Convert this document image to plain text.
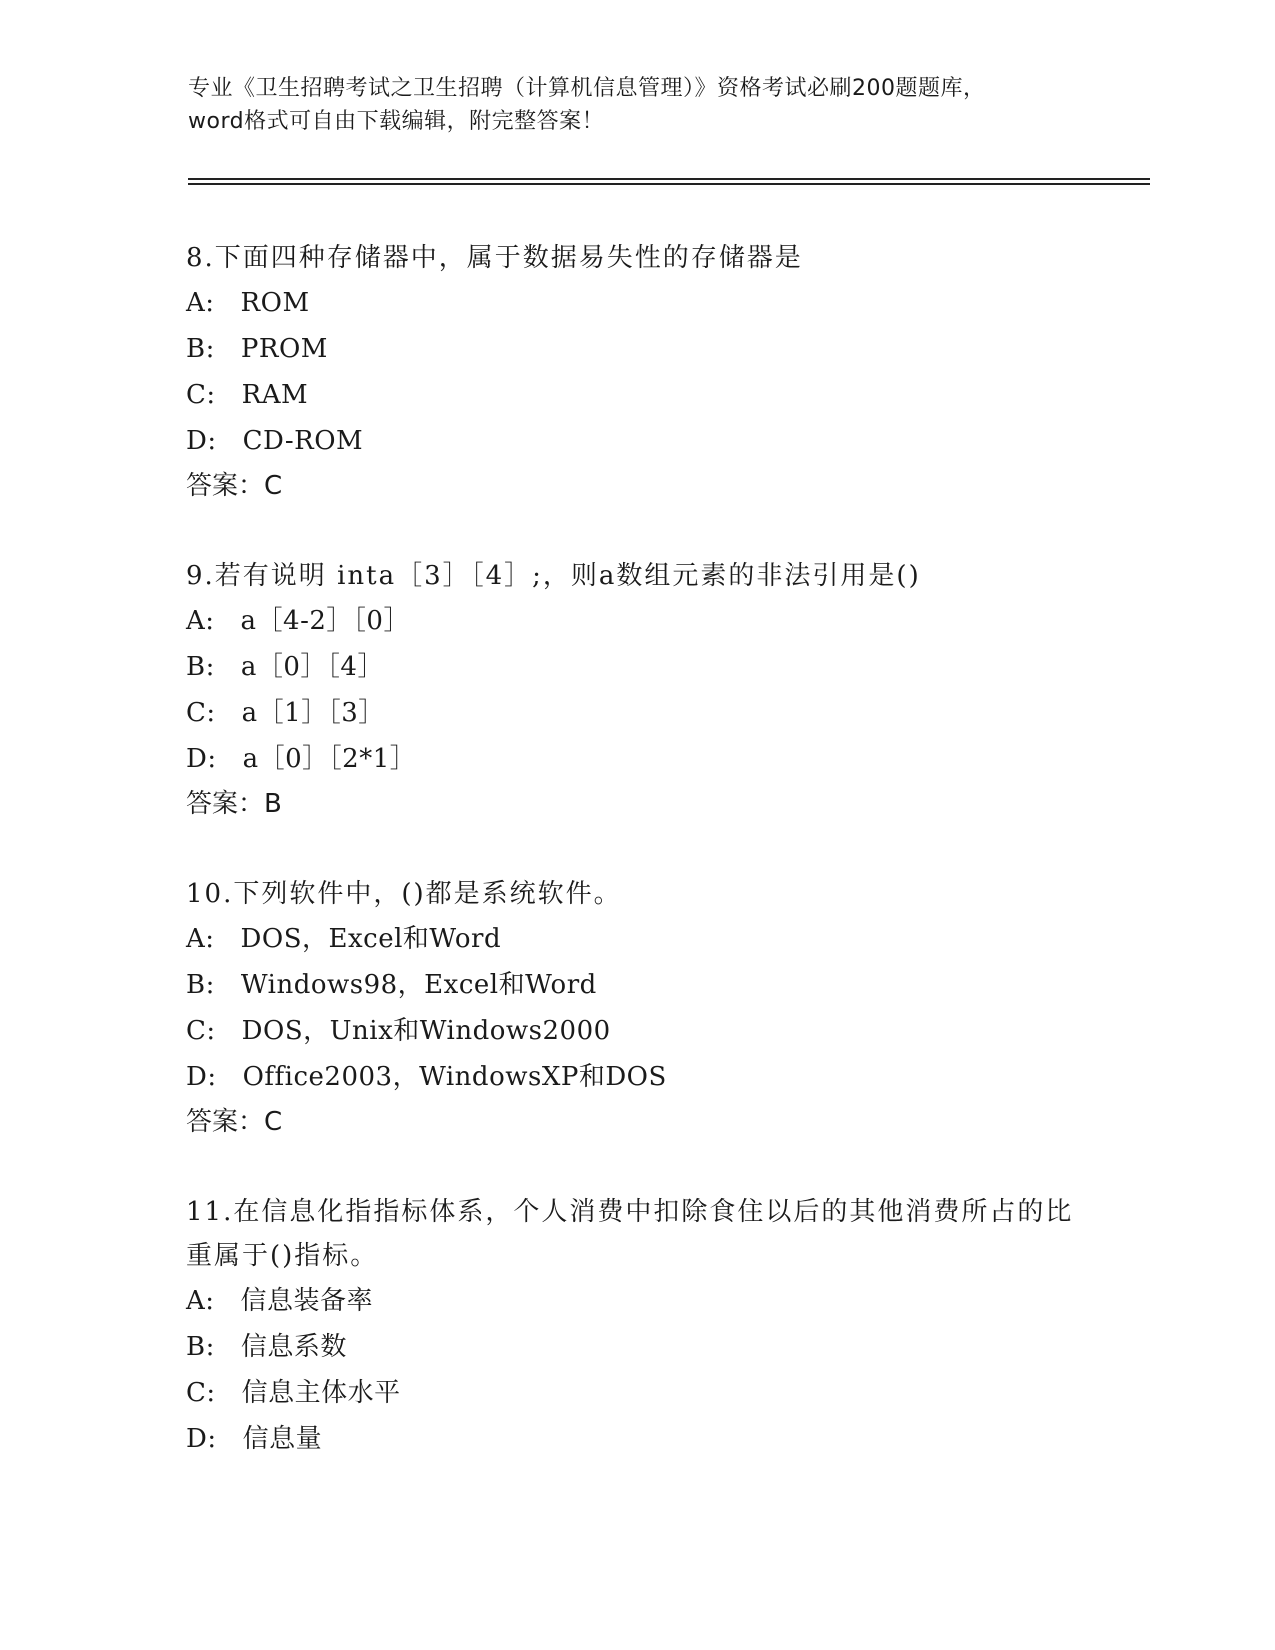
专业《卫生招聘考试之卫生招聘（计算机信息管理）》资格考试必刷200题题库，
word格式可自由下载编辑，附完整答案！

8.下面四种存储器中，属于数据易失性的存储器是

A: ROM

B: PROM

C: RAM

D: CD-ROM

答案：C

9.若有说明 inta［3］［4］;，则a数组元素的非法引用是()

A: a［4-2］［0］

B: a［0］［4］

C: a［1］［3］

D: a［0］［2*1］

答案：B

10.下列软件中，()都是系统软件。

A: DOS，Excel和Word

B: Windows98，Excel和Word

C: DOS，Unix和Windows2000

D: Office2003，WindowsXP和DOS

答案：C

11.在信息化指指标体系，个人消费中扣除食住以后的其他消费所占的比重属于()指标。

A: 信息装备率

B: 信息系数

C: 信息主体水平

D: 信息量
